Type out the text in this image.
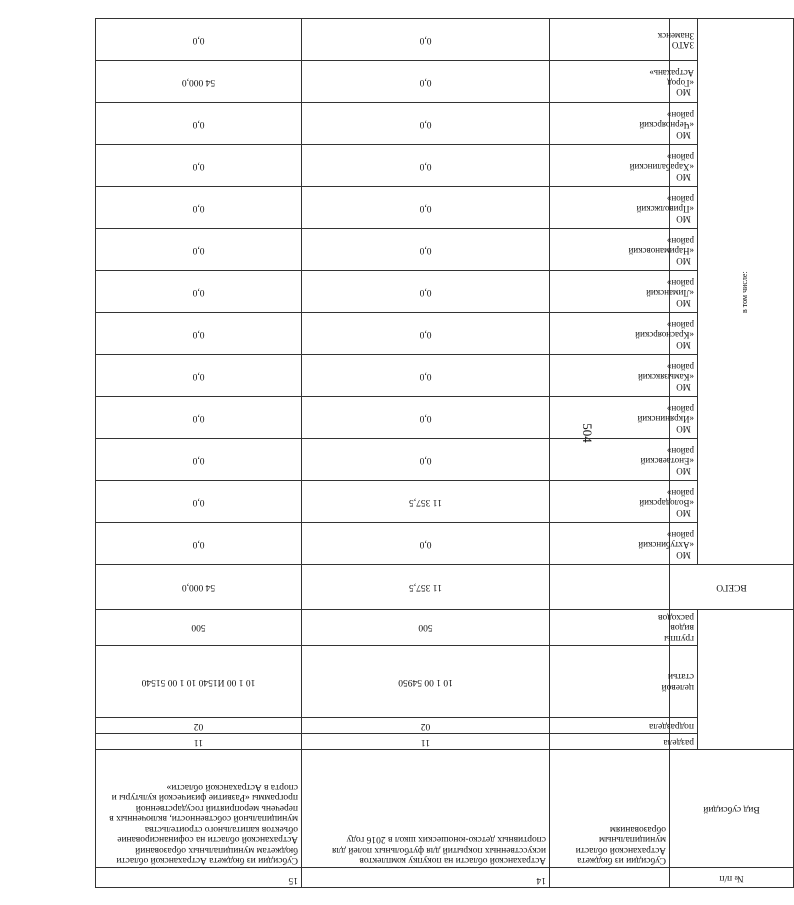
504
№ п/п			14	15
Вид субсидий		Субсидии из бюджета Астраханской области муниципальным образованиям	Астраханской области на покупку комплектов искусственных покрытий для футбольных полей для спортивных детско-юношеских школ в 2016 году	Субсидии из бюджета Астраханской области бюджетам муниципальных образований Астраханской области на софинансирование объектов капитального строительства муниципальной собственности, включенных в перечень мероприятий государственной программы «Развитие физической культуры и спорта в Астраханской области»
	раздела		11	11
	подраздела		02	02
	целевой статьи		10 1 00 54950	10 1 00 И1540 10 1 00 51540
	группы видов расходов		500	500
ВСЕГО			11 357,5	54 000,0
в том числе:	МО «Ахтубинский район»		0,0	0,0
	МО «Володарский район»		11 357,5	0,0
	МО «Енотаевский район»		0,0	0,0
	МО «Икрянинский район»		0,0	0,0
	МО «Камызякский район»		0,0	0,0
	МО «Красноярский район»		0,0	0,0
	МО «Лиманский район»		0,0	0,0
	МО «Наримановский район»		0,0	0,0
	МО «Приволжский район»		0,0	0,0
	МО «Харабалинский район»		0,0	0,0
	МО «Черноярский район»		0,0	0,0
	МО «Город Астрахань»		0,0	54 000,0
	ЗАТО Знаменск		0,0	0,0
